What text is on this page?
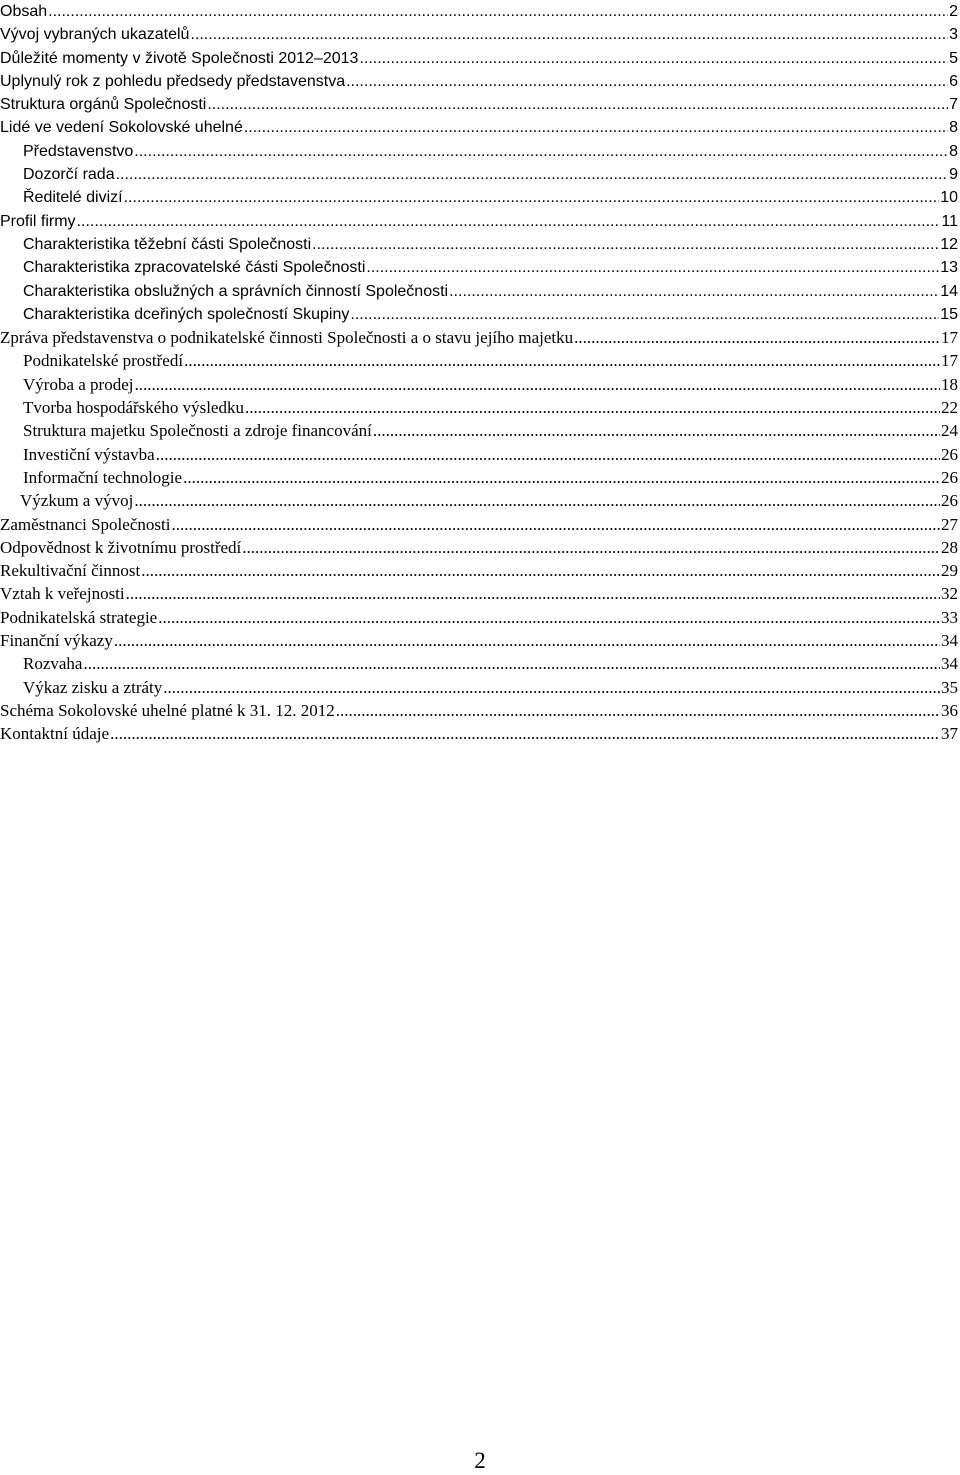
Obsah .....	2
Vývoj vybraných ukazatelů .....	3
Důležité momenty v životě Společnosti 2012–2013 .....	5
Uplynulý rok z pohledu předsedy představenstva .....	6
Struktura orgánů Společnosti .....	7
Lidé ve vedení Sokolovské uhelné .....	8
Představenstvo .....	8
Dozorčí rada .....	9
Ředitelé divizí .....	10
Profil firmy .....	11
Charakteristika těžební části Společnosti .....	12
Charakteristika zpracovatelské části Společnosti .....	13
Charakteristika obslužných a správních činností Společnosti .....	14
Charakteristika dceřiných společností Skupiny .....	15
Zpráva představenstva o podnikatelské činnosti Společnosti a o stavu jejího majetku .....	17
Podnikatelské prostředí .....	17
Výroba a prodej .....	18
Tvorba hospodářského výsledku .....	22
Struktura majetku Společnosti a zdroje financování .....	24
Investiční výstavba .....	26
Informační technologie .....	26
Výzkum a vývoj .....	26
Zaměstnanci Společnosti .....	27
Odpovědnost k životnímu prostředí .....	28
Rekultivační činnost .....	29
Vztah k veřejnosti .....	32
Podnikatelská strategie .....	33
Finanční výkazy .....	34
Rozvaha .....	34
Výkaz zisku a ztráty .....	35
Schéma Sokolovské uhelné platné k 31. 12. 2012 .....	36
Kontaktní údaje .....	37
2
